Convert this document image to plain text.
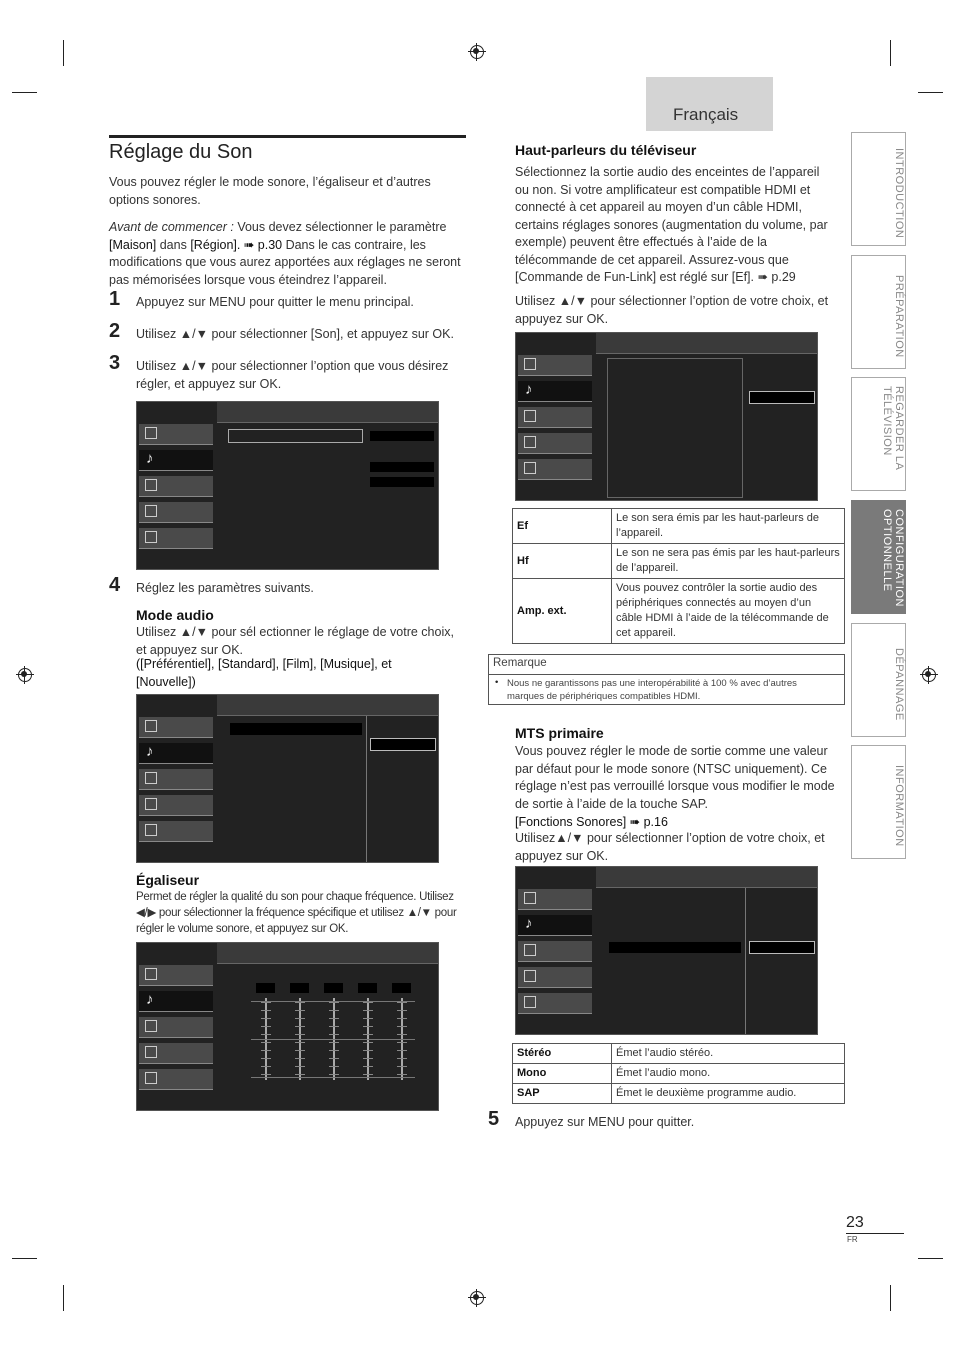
Français
INTRODUCTION
PRÉPARATION
REGARDER LA TÉLÉVISION
CONFIGURATION OPTIONNELLE
DÉPANNAGE
INFORMATION
Réglage du Son

Vous pouvez régler le mode sonore, l’égaliseur et d’autres options sonores.

Avant de commencer : Vous devez sélectionner le paramètre [Maison] dans [Région]. ➠ p.30 Dans le cas contraire, les modifications que vous aurez apportées aux réglages ne seront pas mémorisées lorsque vous éteindrez l’appareil.

1 Appuyez sur MENU pour quitter le menu principal.

2 Utilisez ▲/▼ pour sélectionner [Son], et appuyez sur OK.

3 Utilisez ▲/▼ pour sélectionner l’option que vous désirez régler, et appuyez sur OK.

♪
4 Réglez les paramètres suivants.

Mode audio

Utilisez ▲/▼ pour sél ectionner le réglage de votre choix, et appuyez sur OK.

([Préférentiel], [Standard], [Film], [Musique], et [Nouvelle])

♪
Égaliseur

Permet de régler la qualité du son pour chaque fréquence. Utilisez ◀/▶ pour sélectionner la fréquence spécifique et utilisez ▲/▼ pour régler le volume sonore, et appuyez sur OK.

♪
Haut-parleurs du téléviseur

Sélectionnez la sortie audio des enceintes de l’appareil ou non. Si votre amplificateur est compatible HDMI et connecté à cet appareil au moyen d’un câble HDMI, certains réglages sonores (augmentation du volume, par exemple) peuvent être effectués à l’aide de la télécommande de cet appareil. Assurez-vous que [Commande de Fun-Link] est réglé sur [Ef]. ➠ p.29

Utilisez ▲/▼ pour sélectionner l’option de votre choix, et appuyez sur OK.

♪
Ef	Le son sera émis par les haut-parleurs de l’appareil.
Hf	Le son ne sera pas émis par les haut-parleurs de l’appareil.
Amp. ext.	Vous pouvez contrôler la sortie audio des périphériques connectés au moyen d’un câble HDMI à l’aide de la télécommande de cet appareil.
Remarque
• Nous ne garantissons pas une interopérabilité à 100 % avec d’autres marques de périphériques compatibles HDMI.
MTS primaire

Vous pouvez régler le mode de sortie comme une valeur par défaut pour le mode sonore (NTSC uniquement). Ce réglage n’est pas verrouillé lorsque vous modifier le mode de sortie à l’aide de la touche SAP.

[Fonctions Sonores] ➠ p.16

Utilisez▲/▼ pour sélectionner l’option de votre choix, et appuyez sur OK.

♪
Stéréo	Émet l’audio stéréo.
Mono	Émet l’audio mono.
SAP	Émet le deuxième programme audio.
5 Appuyez sur MENU pour quitter.

23
FR
